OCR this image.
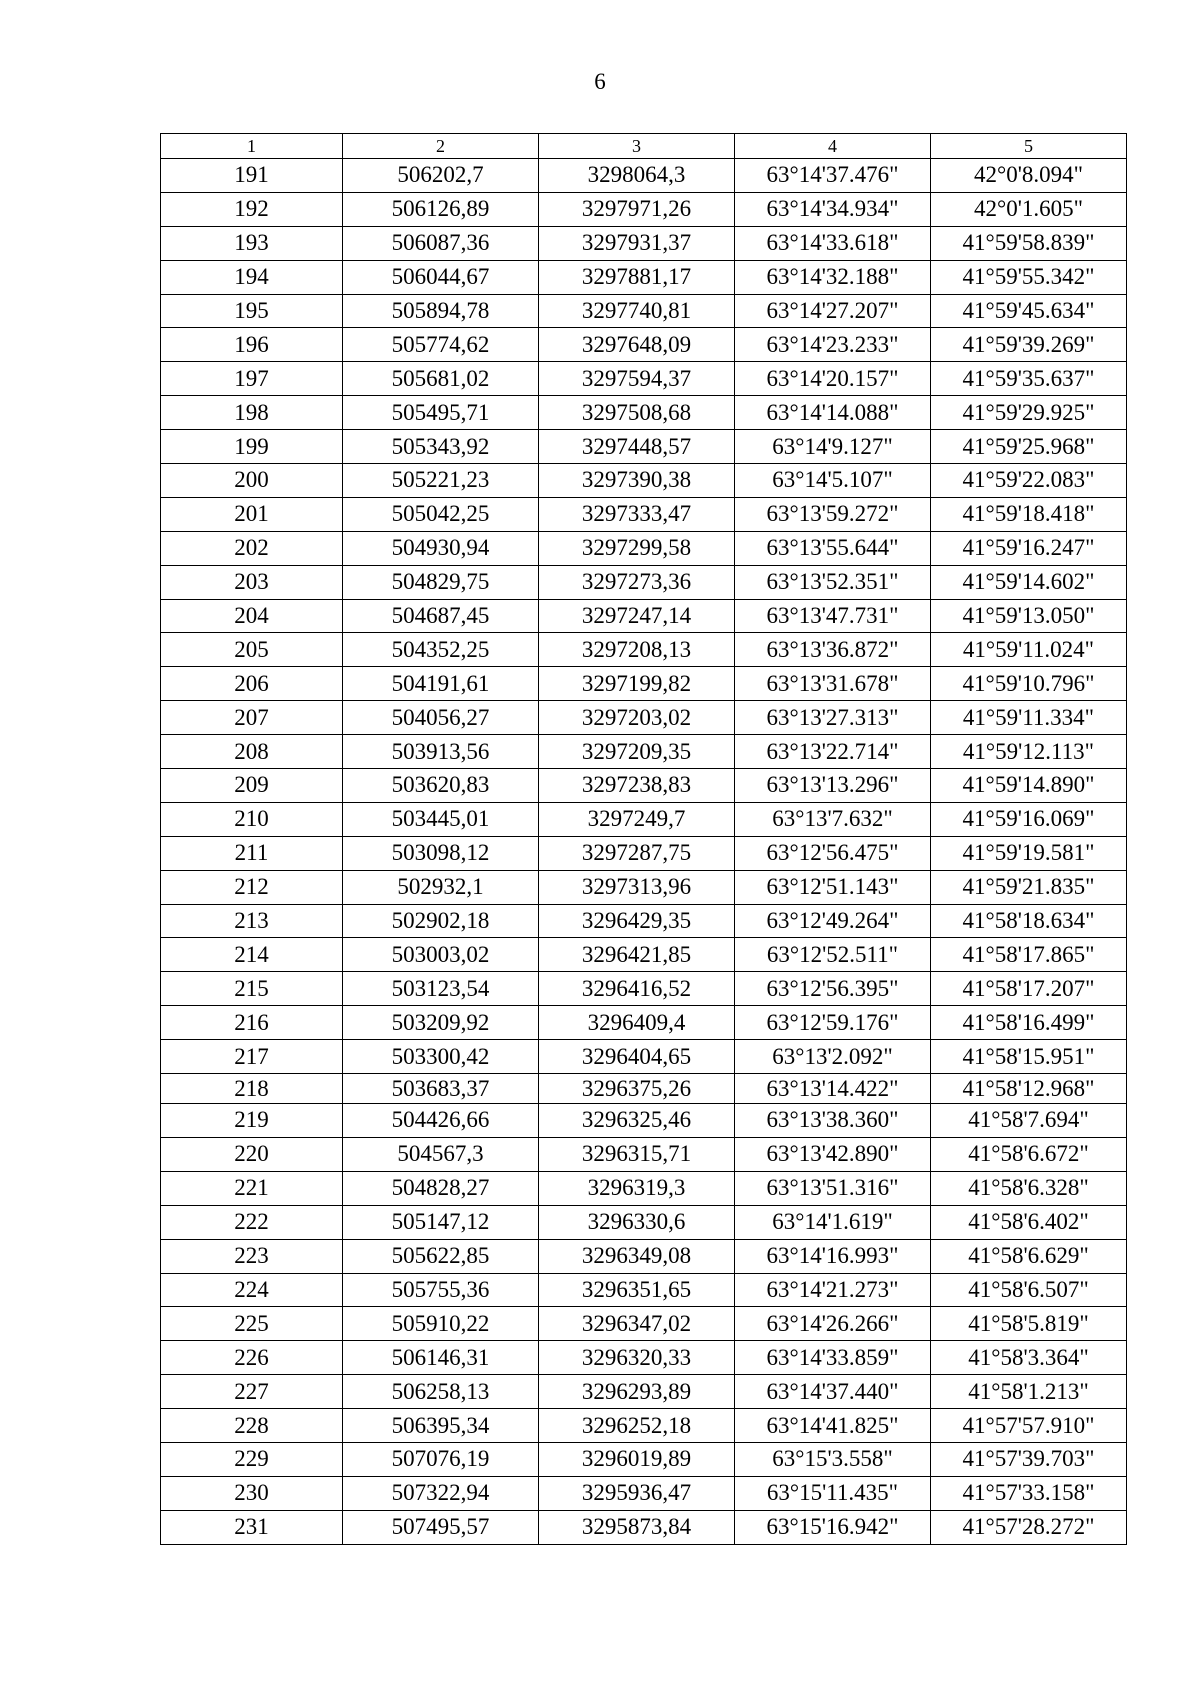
6
1	2	3	4	5
191	506202,7	3298064,3	63°14'37.476"	42°0'8.094"
192	506126,89	3297971,26	63°14'34.934"	42°0'1.605"
193	506087,36	3297931,37	63°14'33.618"	41°59'58.839"
194	506044,67	3297881,17	63°14'32.188"	41°59'55.342"
195	505894,78	3297740,81	63°14'27.207"	41°59'45.634"
196	505774,62	3297648,09	63°14'23.233"	41°59'39.269"
197	505681,02	3297594,37	63°14'20.157"	41°59'35.637"
198	505495,71	3297508,68	63°14'14.088"	41°59'29.925"
199	505343,92	3297448,57	63°14'9.127"	41°59'25.968"
200	505221,23	3297390,38	63°14'5.107"	41°59'22.083"
201	505042,25	3297333,47	63°13'59.272"	41°59'18.418"
202	504930,94	3297299,58	63°13'55.644"	41°59'16.247"
203	504829,75	3297273,36	63°13'52.351"	41°59'14.602"
204	504687,45	3297247,14	63°13'47.731"	41°59'13.050"
205	504352,25	3297208,13	63°13'36.872"	41°59'11.024"
206	504191,61	3297199,82	63°13'31.678"	41°59'10.796"
207	504056,27	3297203,02	63°13'27.313"	41°59'11.334"
208	503913,56	3297209,35	63°13'22.714"	41°59'12.113"
209	503620,83	3297238,83	63°13'13.296"	41°59'14.890"
210	503445,01	3297249,7	63°13'7.632"	41°59'16.069"
211	503098,12	3297287,75	63°12'56.475"	41°59'19.581"
212	502932,1	3297313,96	63°12'51.143"	41°59'21.835"
213	502902,18	3296429,35	63°12'49.264"	41°58'18.634"
214	503003,02	3296421,85	63°12'52.511"	41°58'17.865"
215	503123,54	3296416,52	63°12'56.395"	41°58'17.207"
216	503209,92	3296409,4	63°12'59.176"	41°58'16.499"
217	503300,42	3296404,65	63°13'2.092"	41°58'15.951"
218	503683,37	3296375,26	63°13'14.422"	41°58'12.968"
219	504426,66	3296325,46	63°13'38.360"	41°58'7.694"
220	504567,3	3296315,71	63°13'42.890"	41°58'6.672"
221	504828,27	3296319,3	63°13'51.316"	41°58'6.328"
222	505147,12	3296330,6	63°14'1.619"	41°58'6.402"
223	505622,85	3296349,08	63°14'16.993"	41°58'6.629"
224	505755,36	3296351,65	63°14'21.273"	41°58'6.507"
225	505910,22	3296347,02	63°14'26.266"	41°58'5.819"
226	506146,31	3296320,33	63°14'33.859"	41°58'3.364"
227	506258,13	3296293,89	63°14'37.440"	41°58'1.213"
228	506395,34	3296252,18	63°14'41.825"	41°57'57.910"
229	507076,19	3296019,89	63°15'3.558"	41°57'39.703"
230	507322,94	3295936,47	63°15'11.435"	41°57'33.158"
231	507495,57	3295873,84	63°15'16.942"	41°57'28.272"
